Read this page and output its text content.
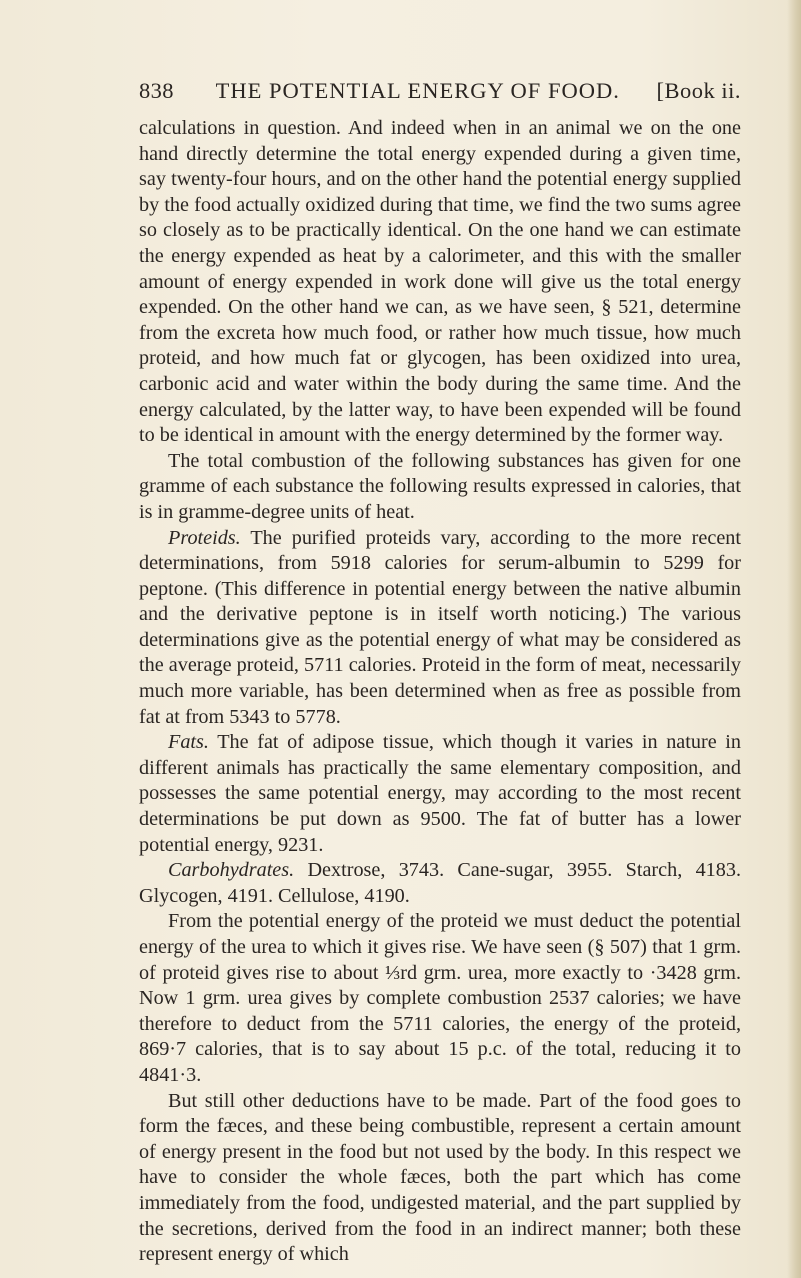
838 THE POTENTIAL ENERGY OF FOOD. [Book ii.

calculations in question. And indeed when in an animal we on the one hand directly determine the total energy expended during a given time, say twenty-four hours, and on the other hand the potential energy supplied by the food actually oxidized during that time, we find the two sums agree so closely as to be practically identical. On the one hand we can estimate the energy expended as heat by a calorimeter, and this with the smaller amount of energy expended in work done will give us the total energy expended. On the other hand we can, as we have seen, § 521, determine from the excreta how much food, or rather how much tissue, how much proteid, and how much fat or glycogen, has been oxidized into urea, carbonic acid and water within the body during the same time. And the energy calculated, by the latter way, to have been expended will be found to be identical in amount with the energy determined by the former way.

The total combustion of the following substances has given for one gramme of each substance the following results expressed in calories, that is in gramme-degree units of heat.

Proteids. The purified proteids vary, according to the more recent determinations, from 5918 calories for serum-albumin to 5299 for peptone. (This difference in potential energy between the native albumin and the derivative peptone is in itself worth noticing.) The various determinations give as the potential energy of what may be considered as the average proteid, 5711 calories. Proteid in the form of meat, necessarily much more variable, has been determined when as free as possible from fat at from 5343 to 5778.

Fats. The fat of adipose tissue, which though it varies in nature in different animals has practically the same elementary composition, and possesses the same potential energy, may according to the most recent determinations be put down as 9500. The fat of butter has a lower potential energy, 9231.

Carbohydrates. Dextrose, 3743. Cane-sugar, 3955. Starch, 4183. Glycogen, 4191. Cellulose, 4190.

From the potential energy of the proteid we must deduct the potential energy of the urea to which it gives rise. We have seen (§ 507) that 1 grm. of proteid gives rise to about ⅓rd grm. urea, more exactly to ·3428 grm. Now 1 grm. urea gives by complete combustion 2537 calories; we have therefore to deduct from the 5711 calories, the energy of the proteid, 869·7 calories, that is to say about 15 p.c. of the total, reducing it to 4841·3.

But still other deductions have to be made. Part of the food goes to form the fæces, and these being combustible, represent a certain amount of energy present in the food but not used by the body. In this respect we have to consider the whole fæces, both the part which has come immediately from the food, undigested material, and the part supplied by the secretions, derived from the food in an indirect manner; both these represent energy of which
